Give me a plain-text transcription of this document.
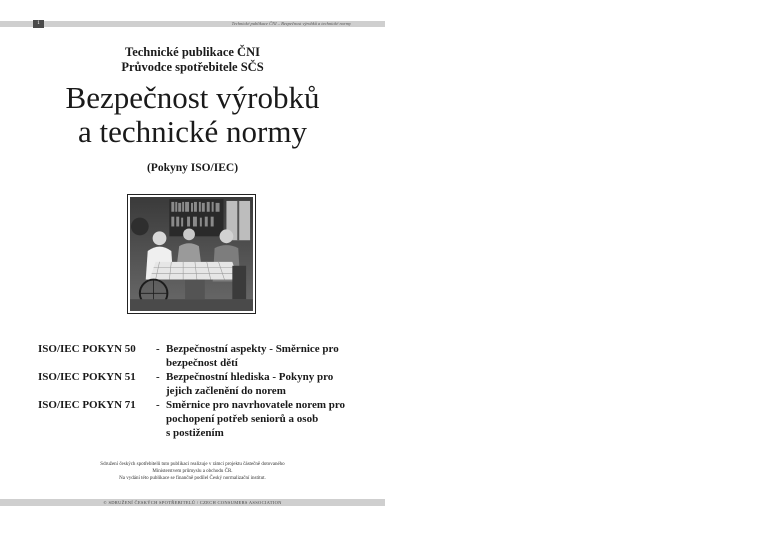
1	Technické publikace ČNI – Bezpečnost výrobků a technické normy
Technické publikace ČNI
Průvodce spotřebitele SČS
Bezpečnost výrobků
a technické normy
(Pokyny ISO/IEC)
ISO/IEC POKYN 50 - Bezpečnostní aspekty - Směrnice pro
bezpečnost dětí
ISO/IEC POKYN 51 - Bezpečnostní hlediska - Pokyny pro
jejich začlenění do norem
ISO/IEC POKYN 71 - Směrnice pro navrhovatele norem pro
pochopení potřeb seniorů a osob
s postižením
Sdružení českých spotřebitelů tuto publikaci realizuje v rámci projektu částečně dotovaného
Ministerstvem průmyslu a obchodu ČR.
Na vydání této publikace se finančně podílel Český normalizační institut.
© SDRUŽENÍ ČESKÝCH SPOTŘEBITELŮ / CZECH CONSUMERS ASSOCIATION
